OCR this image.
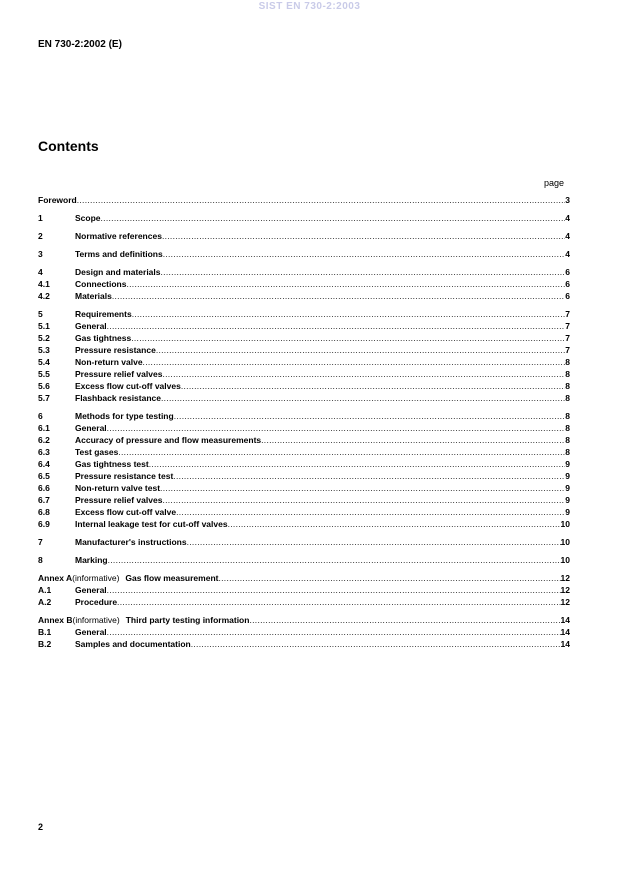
SIST EN 730-2:2003
EN 730-2:2002 (E)
Contents
page
Foreword .....	3
1	Scope .....	4
2	Normative references .....	4
3	Terms and definitions .....	4
4	Design and materials .....	6
4.1	Connections .....	6
4.2	Materials .....	6
5	Requirements .....	7
5.1	General .....	7
5.2	Gas tightness .....	7
5.3	Pressure resistance .....	7
5.4	Non-return valve .....	8
5.5	Pressure relief valves .....	8
5.6	Excess flow cut-off valves .....	8
5.7	Flashback resistance .....	8
6	Methods for type testing .....	8
6.1	General .....	8
6.2	Accuracy of pressure and flow measurements .....	8
6.3	Test gases .....	8
6.4	Gas tightness test .....	9
6.5	Pressure resistance test .....	9
6.6	Non-return valve test .....	9
6.7	Pressure relief valves .....	9
6.8	Excess flow cut-off valve .....	9
6.9	Internal leakage test for cut-off valves .....	10
7	Manufacturer's instructions .....	10
8	Marking .....	10
Annex A (informative) Gas flow measurement .....	12
A.1	General .....	12
A.2	Procedure .....	12
Annex B (informative) Third party testing information .....	14
B.1	General .....	14
B.2	Samples and documentation .....	14
2
